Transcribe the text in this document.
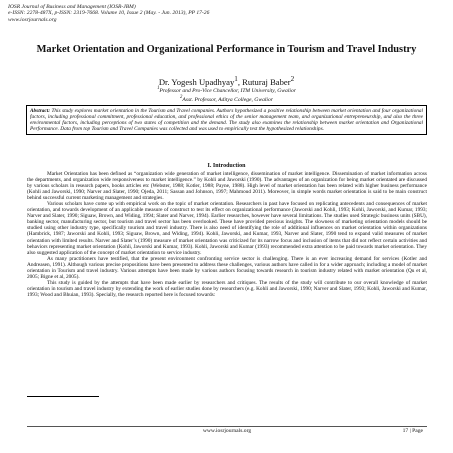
IOSR Journal of Business and Management (IOSR-JBM)
e-ISSN: 2278-487X, p-ISSN: 2319-7668. Volume 10, Issue 2 (May. - Jun. 2013), PP 17-26
www.iosrjournals.org
Market Orientation and Organizational Performance in Tourism and Travel Industry
Dr. Yogesh Upadhyay$^1$, Ruturaj Baber$^2$
$^1$Professor and Pro-Vice Chancellor, ITM University, Gwalior
$^2$Asst. Professor, Aditya College, Gwalior
Abstract: This study explores market orientation in the Tourism and Travel companies. Authors hypothesized a positive relationship between market orientation and four organizational factors, including professional commitment, professional education, and professional ethics of the senior management team, and organizational entrepreneurship, and also the three environmental factors, including perceptions of two states of competition and the demand. The study also examines the relationship between market orientation and Organizational Performance. Data from top Tourism and Travel Companies was collected and was used to empirically test the hypothesized relationships.
I. Introduction

Market Orientation has been defined as “organization wide generation of market intelligence, dissemination of market intelligence. Dissemination of market information across the departments, and organization wide responsiveness to market intelligence.” by Kohli and Jaworski (1990). The advantages of an organization for being market orientated are discussed by various scholars in research papers, books articles etc (Webster, 1988; Kotler, 1988; Payne, 1988). High level of market orientation has been related with higher business performance (Kohli and Jaworski, 1990; Narver and Slater, 1990; Ojeda, 2011; Sassan and Johnson, 1997; Mahmoud 2011). Moreover, in simple words market orientation is said to be main construct behind successful current marketing management and strategies.

Various scholars have come up with empirical work on the topic of market orientation. Researchers in past have focused on replicating antecedents and consequences of market orientation, and towards development of an applicable measure of construct to test its effect on organizational performance (Jaworski and Kohli, 1993; Kohli, Jaworski, and Kumar, 1993; Narver and Slater, 1990; Siguaw, Brown, and Widing, 1994; Slater and Narver, 1994). Earlier researches, however have several limitations. The studies used Strategic business units (SBU), banking sector, manufacturing sector, but tourism and travel sector has been overlooked. These have provided precious insights. The slowness of marketing orientation models should be studied using other industry type, specifically tourism and travel industry. There is also need of identifying the role of additional influences on market orientation within organizations (Hambrick, 1987; Jaworski and Kohli, 1993; Siguaw, Brown, and Widing, 1994). Kohli, Jaworski, and Kumar, 1993, Narver and Slater, 1990 tend to expand valid measures of market orientation with limited results. Narver and Slater’s (1990) measure of market orientation was criticized for its narrow focus and inclusion of items that did not reflect certain activities and behaviors representing market orientation (Kohli, Jaworski and Kumar, 1993). Kohli, Jaworski and Kumar (1993) recommended extra attention to be paid towards market orientation. They also suggested application of the concept of market orientation to service industry.

As many practitioners have testified, that the present environment confronting service sector is challenging. There is an ever increasing demand for services (Kotler and Andreasen, 1991). Although various precise propositions have been presented to address these challenges, various authors have called in for a wider approach; including a model of market orientation in Tourism and travel industry. Various attempts have been made by various authors focusing towards research in tourism industry related with market orientation (Qu et al, 2005; Bigne et al, 2005).

This study is guided by the attempts that have been made earlier by researchers and critiques. The results of the study will contribute to our overall knowledge of market orientation in tourism and travel industry by extending the work of earlier studies done by researchers (e.g. Kohli and Jaworski, 1990; Narver and Slater, 1993; Kohli, Jaworski and Kumar, 1993; Wood and Bhuian, 1993). Specially, the research reported here is focused towards:

www.iosrjournals.org	17 | Page
